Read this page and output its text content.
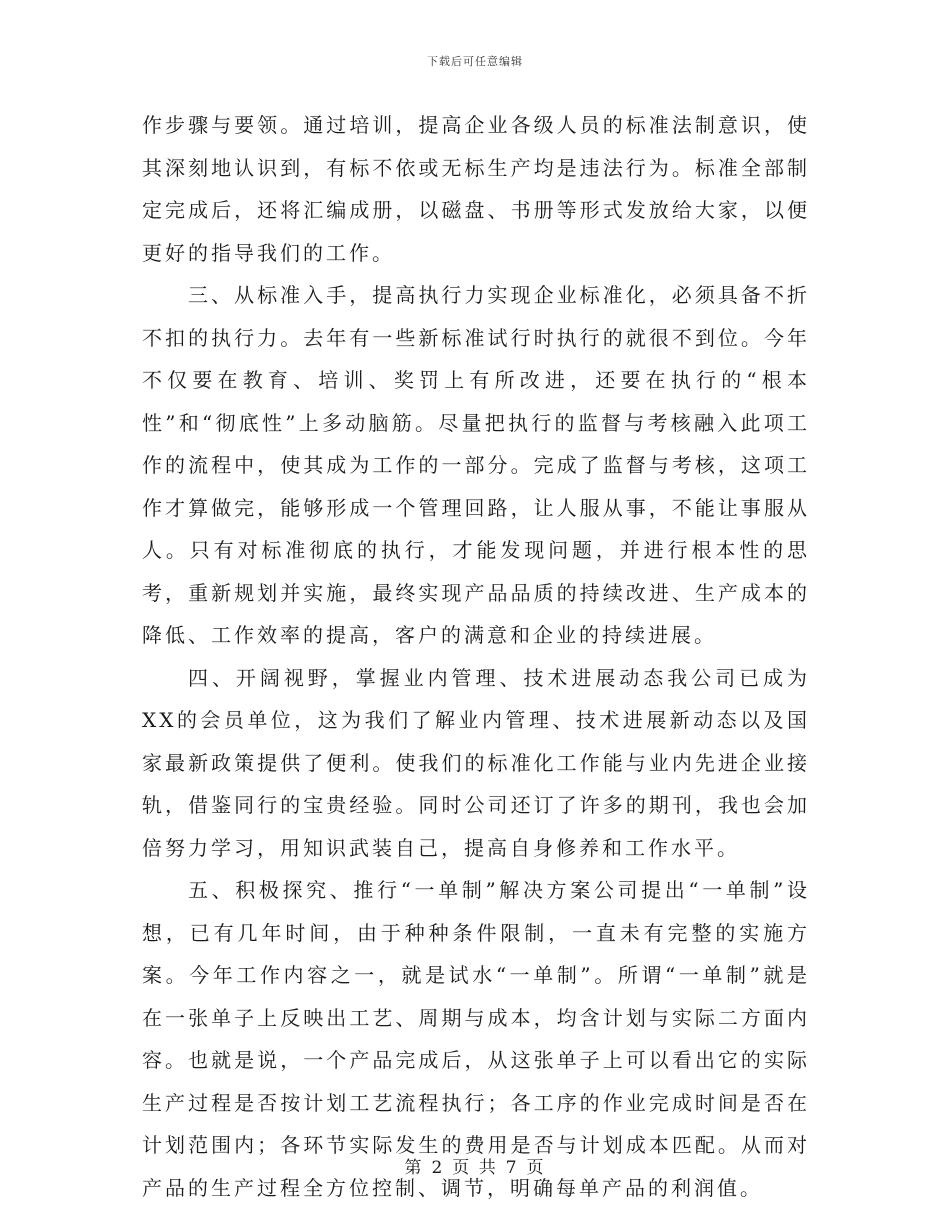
下载后可任意编辑

作步骤与要领。通过培训，提高企业各级人员的标准法制意识，使其深刻地认识到，有标不依或无标生产均是违法行为。标准全部制定完成后，还将汇编成册，以磁盘、书册等形式发放给大家，以便更好的指导我们的工作。

三、从标准入手，提高执行力实现企业标准化，必须具备不折不扣的执行力。去年有一些新标准试行时执行的就很不到位。今年不仅要在教育、培训、奖罚上有所改进，还要在执行的“根本性”和“彻底性”上多动脑筋。尽量把执行的监督与考核融入此项工作的流程中，使其成为工作的一部分。完成了监督与考核，这项工作才算做完，能够形成一个管理回路，让人服从事，不能让事服从人。只有对标准彻底的执行，才能发现问题，并进行根本性的思考，重新规划并实施，最终实现产品品质的持续改进、生产成本的降低、工作效率的提高，客户的满意和企业的持续进展。

四、开阔视野，掌握业内管理、技术进展动态我公司已成为XX的会员单位，这为我们了解业内管理、技术进展新动态以及国家最新政策提供了便利。使我们的标准化工作能与业内先进企业接轨，借鉴同行的宝贵经验。同时公司还订了许多的期刊，我也会加倍努力学习，用知识武装自己，提高自身修养和工作水平。

五、积极探究、推行“一单制”解决方案公司提出“一单制”设想，已有几年时间，由于种种条件限制，一直未有完整的实施方案。今年工作内容之一，就是试水“一单制”。所谓“一单制”就是在一张单子上反映出工艺、周期与成本，均含计划与实际二方面内容。也就是说，一个产品完成后，从这张单子上可以看出它的实际生产过程是否按计划工艺流程执行；各工序的作业完成时间是否在计划范围内；各环节实际发生的费用是否与计划成本匹配。从而对产品的生产过程全方位控制、调节，明确每单产品的利润值。

第 2 页 共 7 页
